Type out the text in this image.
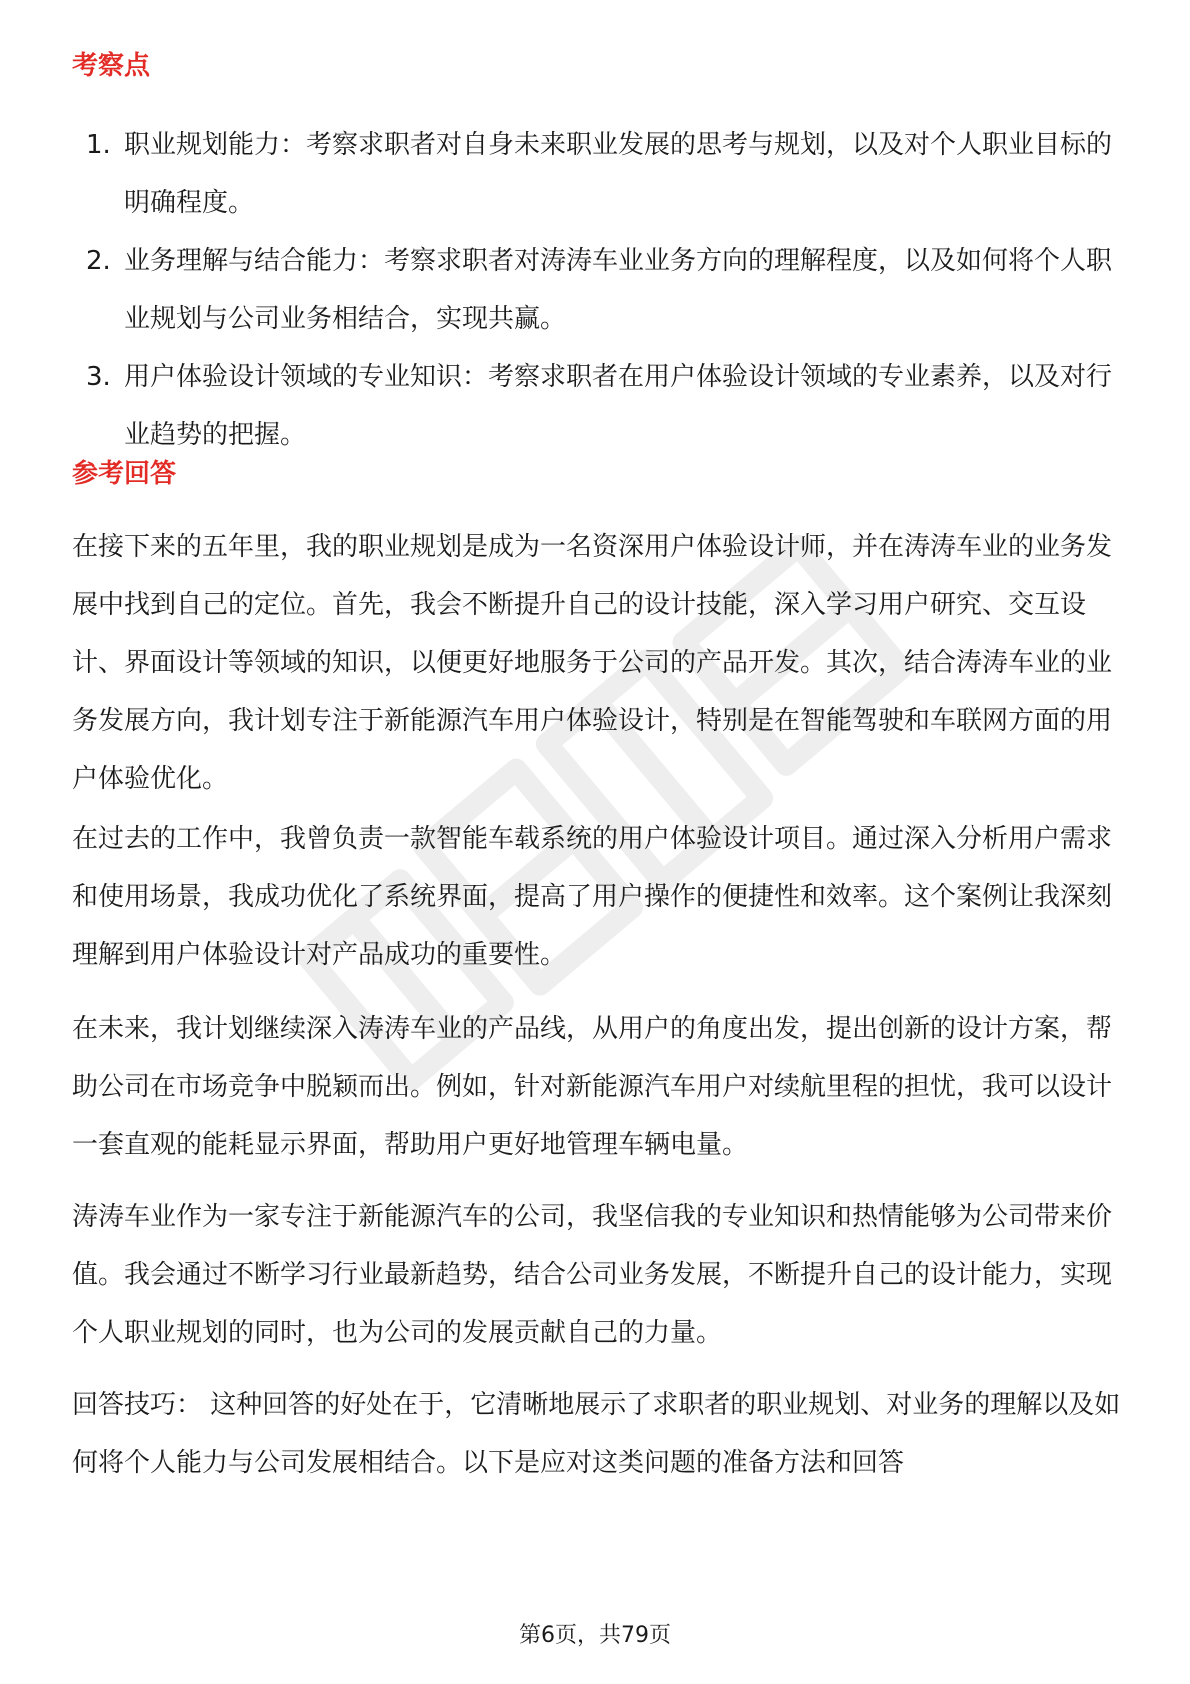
考察点
1. 职业规划能力：考察求职者对自身未来职业发展的思考与规划，以及对个人职业目标的明确程度。
2. 业务理解与结合能力：考察求职者对涛涛车业业务方向的理解程度，以及如何将个人职业规划与公司业务相结合，实现共赢。
3. 用户体验设计领域的专业知识：考察求职者在用户体验设计领域的专业素养，以及对行业趋势的把握。
参考回答

在接下来的五年里，我的职业规划是成为一名资深用户体验设计师，并在涛涛车业的业务发展中找到自己的定位。首先，我会不断提升自己的设计技能，深入学习用户研究、交互设计、界面设计等领域的知识，以便更好地服务于公司的产品开发。其次，结合涛涛车业的业务发展方向，我计划专注于新能源汽车用户体验设计，特别是在智能驾驶和车联网方面的用户体验优化。

在过去的工作中，我曾负责一款智能车载系统的用户体验设计项目。通过深入分析用户需求和使用场景，我成功优化了系统界面，提高了用户操作的便捷性和效率。这个案例让我深刻理解到用户体验设计对产品成功的重要性。

在未来，我计划继续深入涛涛车业的产品线，从用户的角度出发，提出创新的设计方案，帮助公司在市场竞争中脱颖而出。例如，针对新能源汽车用户对续航里程的担忧，我可以设计一套直观的能耗显示界面，帮助用户更好地管理车辆电量。

涛涛车业作为一家专注于新能源汽车的公司，我坚信我的专业知识和热情能够为公司带来价值。我会通过不断学习行业最新趋势，结合公司业务发展，不断提升自己的设计能力，实现个人职业规划的同时，也为公司的发展贡献自己的力量。

回答技巧： 这种回答的好处在于，它清晰地展示了求职者的职业规划、对业务的理解以及如何将个人能力与公司发展相结合。以下是应对这类问题的准备方法和回答

第6页，共79页
